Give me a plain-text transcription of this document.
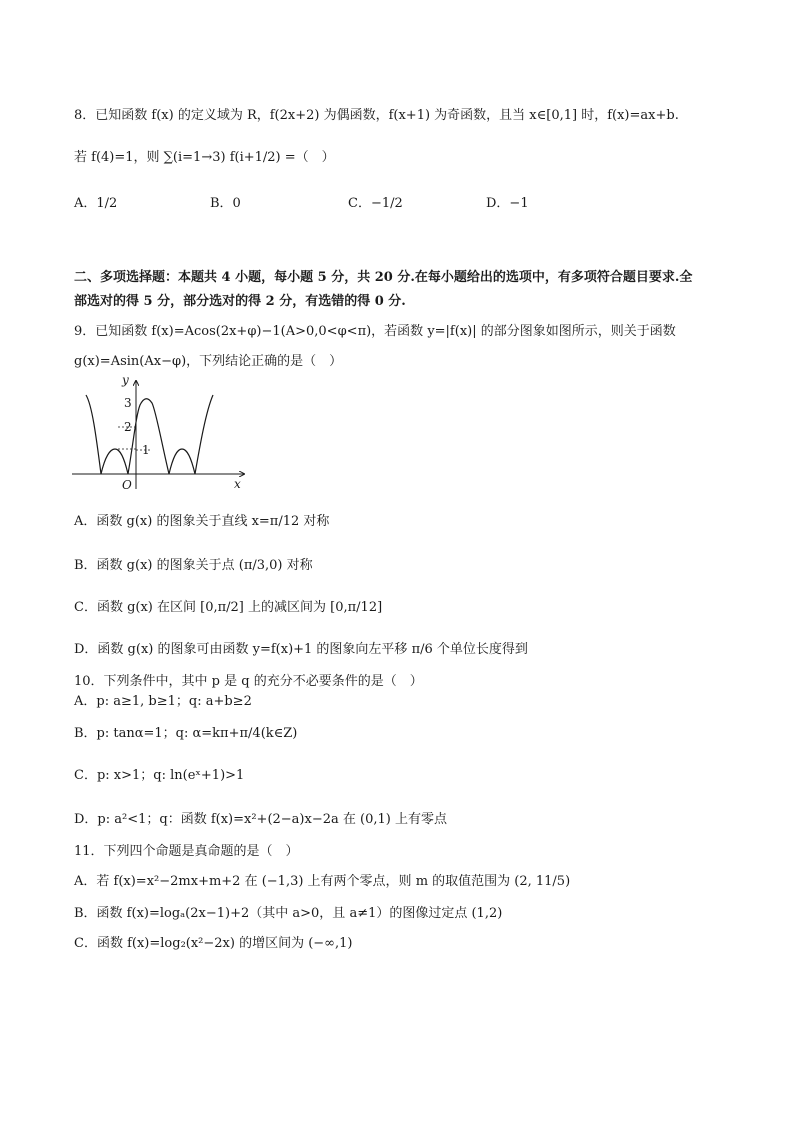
8．已知函数 f(x) 的定义域为 R，f(2x+2) 为偶函数，f(x+1) 为奇函数，且当 x∈[0,1] 时，f(x)=ax+b.
若 f(4)=1，则 ∑(i=1→3) f(i+1/2) =（　）
A．1/2	B．0	C．−1/2	D．−1
二、多项选择题：本题共 4 小题，每小题 5 分，共 20 分.在每小题给出的选项中，有多项符合题目要求.全
部选对的得 5 分，部分选对的得 2 分，有选错的得 0 分.
9．已知函数 f(x)=Acos(2x+φ)−1(A>0,0<φ<π)，若函数 y=|f(x)| 的部分图象如图所示，则关于函数
g(x)=Asin(Ax−φ)，下列结论正确的是（　）
y
x
O
3
2
1
A．函数 g(x) 的图象关于直线 x=π/12 对称
B．函数 g(x) 的图象关于点 (π/3,0) 对称
C．函数 g(x) 在区间 [0,π/2] 上的减区间为 [0,π/12]
D．函数 g(x) 的图象可由函数 y=f(x)+1 的图象向左平移 π/6 个单位长度得到
10．下列条件中，其中 p 是 q 的充分不必要条件的是（　）
A．p: a≥1, b≥1；q: a+b≥2
B．p: tanα=1；q: α=kπ+π/4(k∈Z)
C．p: x>1；q: ln(eˣ+1)>1
D．p: a²<1；q：函数 f(x)=x²+(2−a)x−2a 在 (0,1) 上有零点
11．下列四个命题是真命题的是（　）
A．若 f(x)=x²−2mx+m+2 在 (−1,3) 上有两个零点，则 m 的取值范围为 (2, 11/5)
B．函数 f(x)=logₐ(2x−1)+2（其中 a>0，且 a≠1）的图像过定点 (1,2)
C．函数 f(x)=log₂(x²−2x) 的增区间为 (−∞,1)
